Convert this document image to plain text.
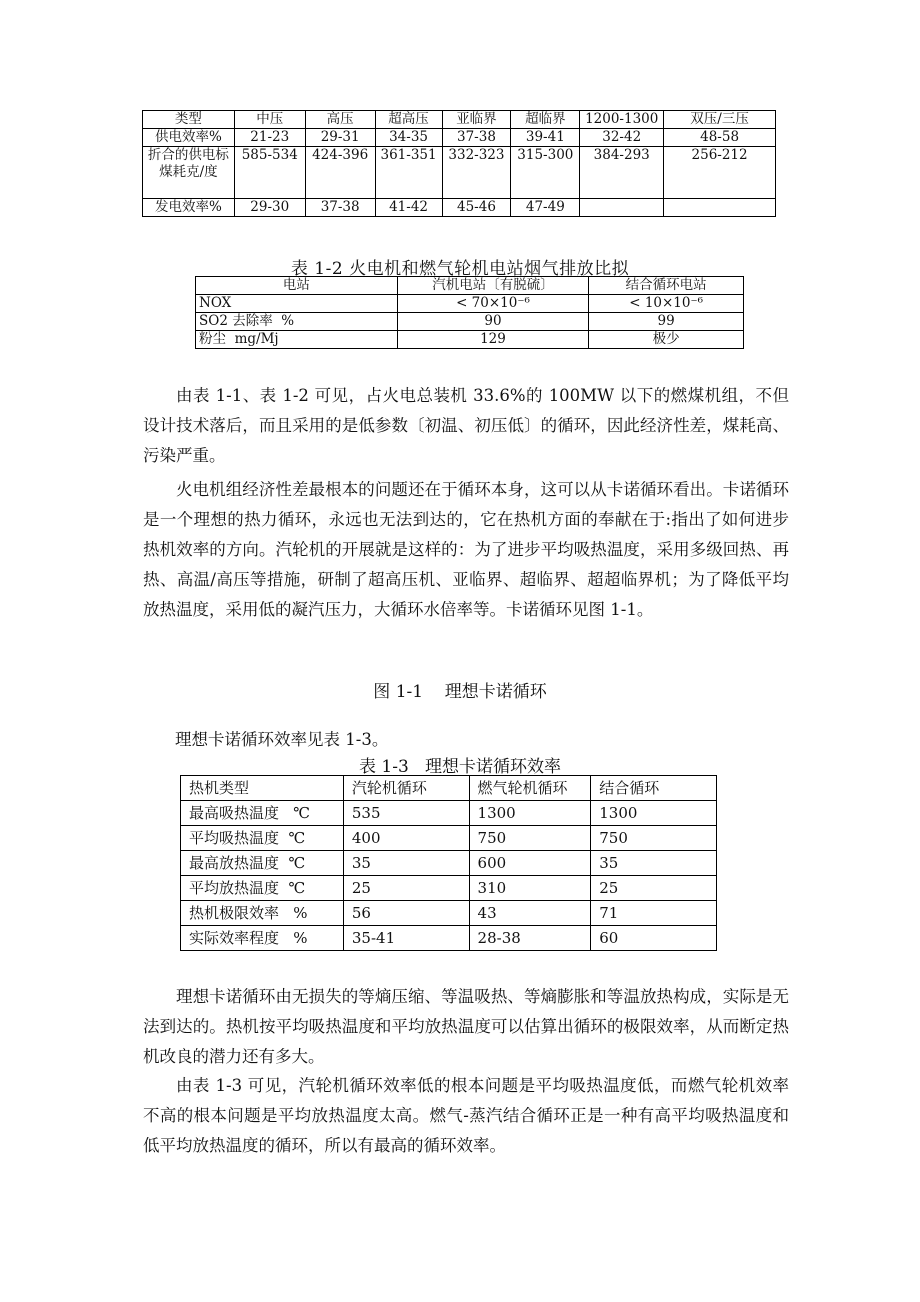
类型	中压	高压	超高压	亚临界	超临界	1200-1300	双压/三压
供电效率%	21-23	29-31	34-35	37-38	39-41	32-42	48-58
折合的供电标煤耗克/度	585-534	424-396	361-351	332-323	315-300	384-293	256-212
发电效率%	29-30	37-38	41-42	45-46	47-49		
表 1-2 火电机和燃气轮机电站烟气排放比拟
电站	汽机电站〔有脱硫〕	结合循环电站
NOX	< 70×10⁻⁶	< 10×10⁻⁶
SO2 去除率  %	90	99
粉尘  mg/Mj	129	极少

由表 1-1、表 1-2 可见，占火电总装机 33.6%的 100MW 以下的燃煤机组，不但设计技术落后，而且采用的是低参数〔初温、初压低〕的循环，因此经济性差，煤耗高、污染严重。

火电机组经济性差最根本的问题还在于循环本身，这可以从卡诺循环看出。卡诺循环是一个理想的热力循环，永远也无法到达的，它在热机方面的奉献在于:指出了如何进步热机效率的方向。汽轮机的开展就是这样的：为了进步平均吸热温度，采用多级回热、再热、高温/高压等措施，研制了超高压机、亚临界、超临界、超超临界机；为了降低平均放热温度，采用低的凝汽压力，大循环水倍率等。卡诺循环见图 1-1。

图 1-1    理想卡诺循环

理想卡诺循环效率见表 1-3。

表 1-3   理想卡诺循环效率
热机类型	汽轮机循环	燃气轮机循环	结合循环
最高吸热温度   ℃	535	1300	1300
平均吸热温度  ℃	400	750	750
最高放热温度  ℃	35	600	35
平均放热温度  ℃	25	310	25
热机极限效率   %	56	43	71
实际效率程度   %	35-41	28-38	60

理想卡诺循环由无损失的等熵压缩、等温吸热、等熵膨胀和等温放热构成，实际是无法到达的。热机按平均吸热温度和平均放热温度可以估算出循环的极限效率，从而断定热机改良的潜力还有多大。

由表 1-3 可见，汽轮机循环效率低的根本问题是平均吸热温度低，而燃气轮机效率不高的根本问题是平均放热温度太高。燃气-蒸汽结合循环正是一种有高平均吸热温度和低平均放热温度的循环，所以有最高的循环效率。
